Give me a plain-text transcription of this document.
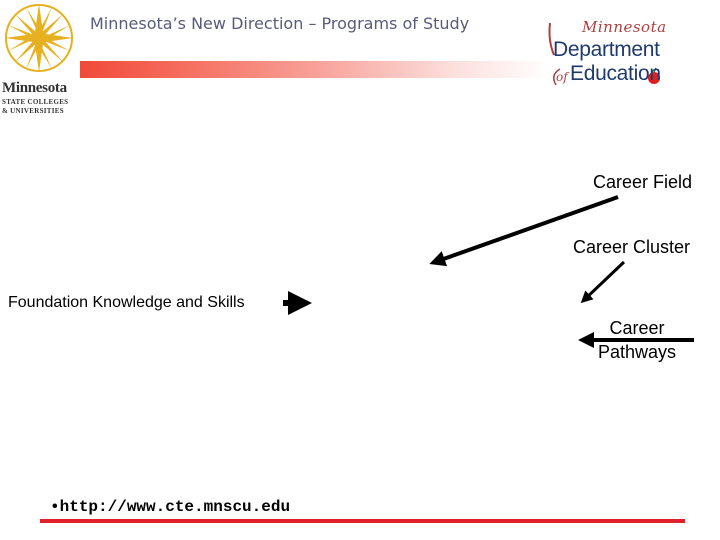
Minnesota
STATE COLLEGES
& UNIVERSITIES
Minnesota’s New Direction – Programs of Study	Minnesota
Department
of Education
Career Field
Career Cluster
Foundation Knowledge and Skills
Career Pathways
•http://www.cte.mnscu.edu
